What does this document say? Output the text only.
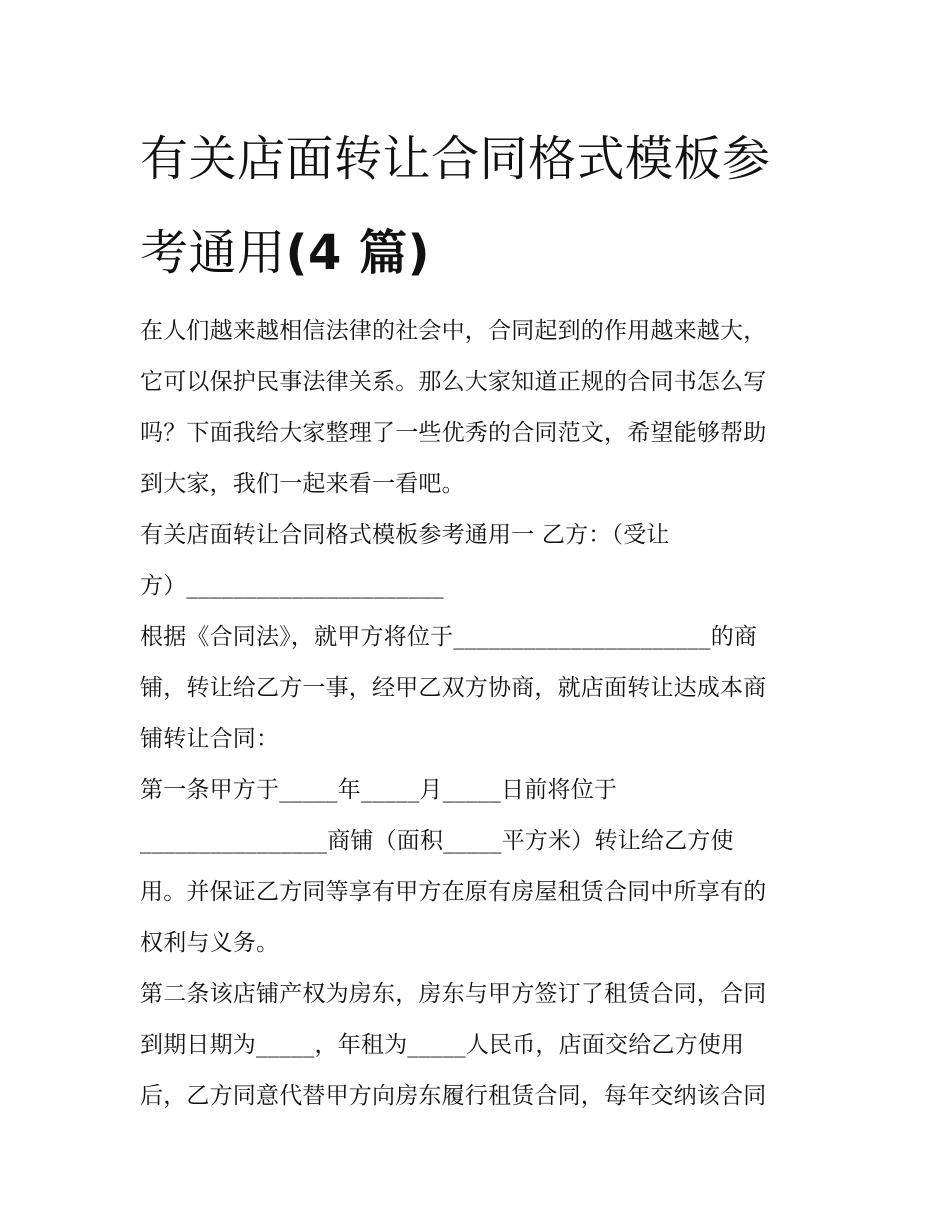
有关店面转让合同格式模板参
考通用(4 篇)
在人们越来越相信法律的社会中，合同起到的作用越来越大，
它可以保护民事法律关系。那么大家知道正规的合同书怎么写
吗？下面我给大家整理了一些优秀的合同范文，希望能够帮助
到大家，我们一起来看一看吧。
有关店面转让合同格式模板参考通用一 乙方：（受让
方）______________________
根据《合同法》，就甲方将位于______________________的商
铺，转让给乙方一事，经甲乙双方协商，就店面转让达成本商
铺转让合同：
第一条甲方于_____年_____月_____日前将位于
________________商铺（面积_____平方米）转让给乙方使
用。并保证乙方同等享有甲方在原有房屋租赁合同中所享有的
权利与义务。
第二条该店铺产权为房东，房东与甲方签订了租赁合同，合同
到期日期为_____，年租为_____人民币，店面交给乙方使用
后，乙方同意代替甲方向房东履行租赁合同，每年交纳该合同
